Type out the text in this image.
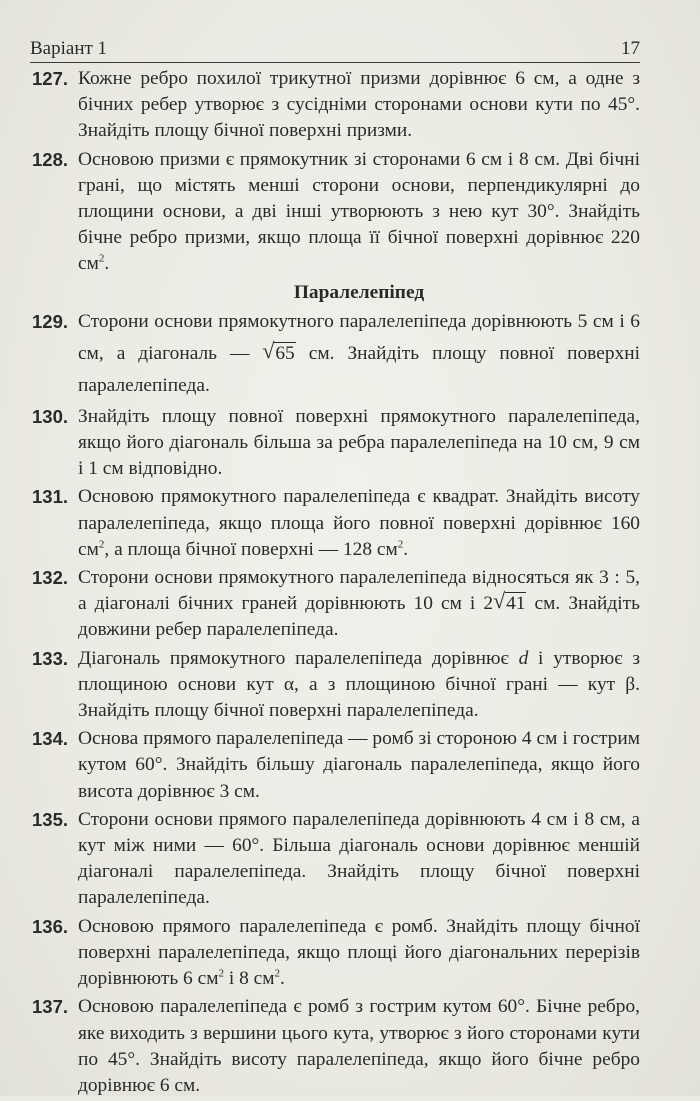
Варіант 1	17
127. Кожне ребро похилої трикутної призми дорівнює 6 см, а одне з бічних ребер утворює з сусідніми сторонами основи кути по 45°. Знайдіть площу бічної поверхні призми.
128. Основою призми є прямокутник зі сторонами 6 см і 8 см. Дві бічні грані, що містять менші сторони основи, перпендикулярні до площини основи, а дві інші утворюють з нею кут 30°. Знайдіть бічне ребро призми, якщо площа її бічної поверхні дорівнює 220 $см^2$.
Паралелепіпед
129. Сторони основи прямокутного паралелепіпеда дорівнюють 5 см і 6 см, а діагональ — √ 65 см. Знайдіть площу повної поверхні паралелепіпеда.
130. Знайдіть площу повної поверхні прямокутного паралелепіпеда, якщо його діагональ більша за ребра паралелепіпеда на 10 см, 9 см і 1 см відповідно.
131. Основою прямокутного паралелепіпеда є квадрат. Знайдіть висоту паралелепіпеда, якщо площа його повної поверхні дорівнює 160 $см^2$, а площа бічної поверхні — 128 $см^2$.
132. Сторони основи прямокутного паралелепіпеда відносяться як 3 : 5, а діагоналі бічних граней дорівнюють 10 см і 2 √ 41 см. Знайдіть довжини ребер паралелепіпеда.
133. Діагональ прямокутного паралелепіпеда дорівнює d і утворює з площиною основи кут α, а з площиною бічної грані — кут β. Знайдіть площу бічної поверхні паралелепіпеда.
134. Основа прямого паралелепіпеда — ромб зі стороною 4 см і гострим кутом 60°. Знайдіть більшу діагональ паралелепіпеда, якщо його висота дорівнює 3 см.
135. Сторони основи прямого паралелепіпеда дорівнюють 4 см і 8 см, а кут між ними — 60°. Більша діагональ основи дорівнює меншій діагоналі паралелепіпеда. Знайдіть площу бічної поверхні паралелепіпеда.
136. Основою прямого паралелепіпеда є ромб. Знайдіть площу бічної поверхні паралелепіпеда, якщо площі його діагональних перерізів дорівнюють 6 $см^2$ і 8 $см^2$.
137. Основою паралелепіпеда є ромб з гострим кутом 60°. Бічне ребро, яке виходить з вершини цього кута, утворює з його сторонами кути по 45°. Знайдіть висоту паралелепіпеда, якщо його бічне ребро дорівнює 6 см.
